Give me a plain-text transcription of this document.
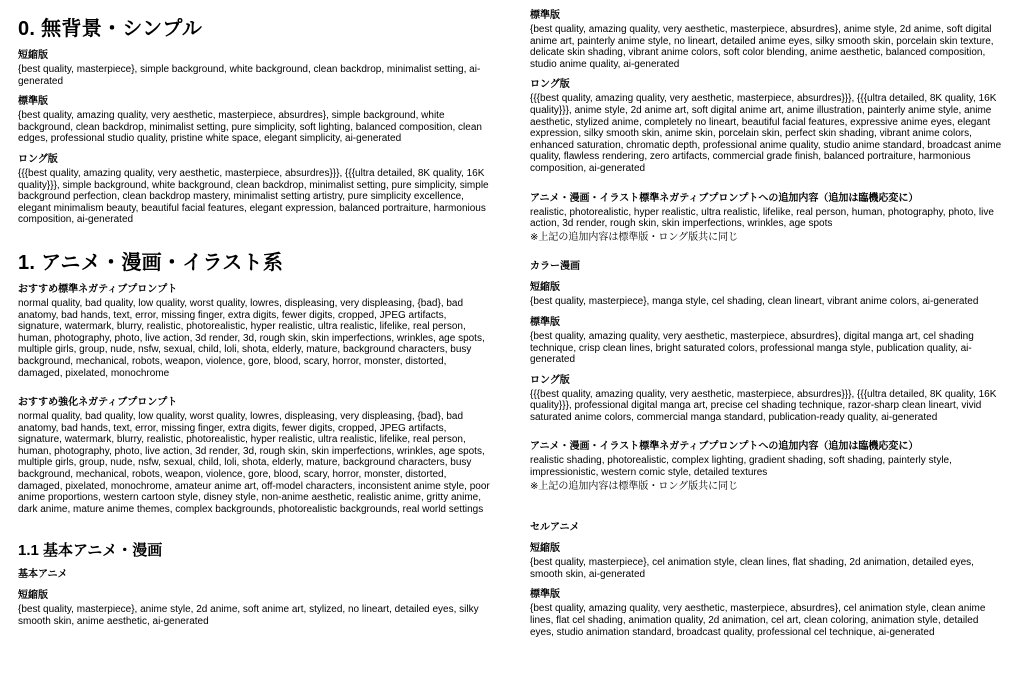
0. 無背景・シンプル
短縮版
{best quality, masterpiece}, simple background, white background, clean backdrop, minimalist setting, ai-generated
標準版
{best quality, amazing quality, very aesthetic, masterpiece, absurdres}, simple background, white background, clean backdrop, minimalist setting, pure simplicity, soft lighting, balanced composition, clean edges, professional studio quality, pristine white space, elegant simplicity, ai-generated
ロング版
{{{best quality, amazing quality, very aesthetic, masterpiece, absurdres}}}, {{{ultra detailed, 8K quality, 16K quality}}}, simple background, white background, clean backdrop, minimalist setting, pure simplicity, simple background perfection, clean backdrop mastery, minimalist setting artistry, pure simplicity excellence, elegant minimalism beauty, beautiful facial features, elegant expression, balanced portraiture, harmonious composition, ai-generated
1. アニメ・漫画・イラスト系
おすすめ標準ネガティブプロンプト
normal quality, bad quality, low quality, worst quality, lowres, displeasing, very displeasing, {bad}, bad anatomy, bad hands, text, error, missing finger, extra digits, fewer digits, cropped, JPEG artifacts, signature, watermark, blurry, realistic, photorealistic, hyper realistic, ultra realistic, lifelike, real person, human, photography, photo, live action, 3d render, 3d, rough skin, skin imperfections, wrinkles, age spots, multiple girls, group, nude, nsfw, sexual, child, loli, shota, elderly, mature, background characters, busy background, mechanical, robots, weapon, violence, gore, blood, scary, horror, monster, distorted, damaged, pixelated, monochrome
おすすめ強化ネガティブプロンプト
normal quality, bad quality, low quality, worst quality, lowres, displeasing, very displeasing, {bad}, bad anatomy, bad hands, text, error, missing finger, extra digits, fewer digits, cropped, JPEG artifacts, signature, watermark, blurry, realistic, photorealistic, hyper realistic, ultra realistic, lifelike, real person, human, photography, photo, live action, 3d render, 3d, rough skin, skin imperfections, wrinkles, age spots, multiple girls, group, nude, nsfw, sexual, child, loli, shota, elderly, mature, background characters, busy background, mechanical, robots, weapon, violence, gore, blood, scary, horror, monster, distorted, damaged, pixelated, monochrome, amateur anime art, off-model characters, inconsistent anime style, poor anime proportions, western cartoon style, disney style, non-anime aesthetic, realistic anime, gritty anime, dark anime, mature anime themes, complex backgrounds, photorealistic backgrounds, real world settings
1.1 基本アニメ・漫画
基本アニメ
短縮版
{best quality, masterpiece}, anime style, 2d anime, soft anime art, stylized, no lineart, detailed eyes, silky smooth skin, anime aesthetic, ai-generated
標準版
{best quality, amazing quality, very aesthetic, masterpiece, absurdres}, anime style, 2d anime, soft digital anime art, painterly anime style, no lineart, detailed anime eyes, silky smooth skin, porcelain skin texture, delicate skin shading, vibrant anime colors, soft color blending, anime aesthetic, balanced composition, studio anime quality, ai-generated
ロング版
{{{best quality, amazing quality, very aesthetic, masterpiece, absurdres}}}, {{{ultra detailed, 8K quality, 16K quality}}}, anime style, 2d anime art, soft digital anime art, anime illustration, painterly anime style, anime aesthetic, stylized anime, completely no lineart, beautiful facial features, expressive anime eyes, elegant expression, silky smooth skin, anime skin, porcelain skin, perfect skin shading, vibrant anime colors, enhanced saturation, chromatic depth, professional anime quality, studio anime standard, broadcast anime quality, flawless rendering, zero artifacts, commercial grade finish, balanced portraiture, harmonious composition, ai-generated
アニメ・漫画・イラスト標準ネガティブプロンプトへの追加内容（追加は臨機応変に）
realistic, photorealistic, hyper realistic, ultra realistic, lifelike, real person, human, photography, photo, live action, 3d render, rough skin, skin imperfections, wrinkles, age spots
※上記の追加内容は標準版・ロング版共に同じ
カラー漫画
短縮版
{best quality, masterpiece}, manga style, cel shading, clean lineart, vibrant anime colors, ai-generated
標準版
{best quality, amazing quality, very aesthetic, masterpiece, absurdres}, digital manga art, cel shading technique, crisp clean lines, bright saturated colors, professional manga style, publication quality, ai-generated
ロング版
{{{best quality, amazing quality, very aesthetic, masterpiece, absurdres}}}, {{{ultra detailed, 8K quality, 16K quality}}}, professional digital manga art, precise cel shading technique, razor-sharp clean lineart, vivid saturated anime colors, commercial manga standard, publication-ready quality, ai-generated
アニメ・漫画・イラスト標準ネガティブプロンプトへの追加内容（追加は臨機応変に）
realistic shading, photorealistic, complex lighting, gradient shading, soft shading, painterly style, impressionistic, western comic style, detailed textures
※上記の追加内容は標準版・ロング版共に同じ
セルアニメ
短縮版
{best quality, masterpiece}, cel animation style, clean lines, flat shading, 2d animation, detailed eyes, smooth skin, ai-generated
標準版
{best quality, amazing quality, very aesthetic, masterpiece, absurdres}, cel animation style, clean anime lines, flat cel shading, animation quality, 2d animation, cel art, clean coloring, animation style, detailed eyes, studio animation standard, broadcast quality, professional cel technique, ai-generated
